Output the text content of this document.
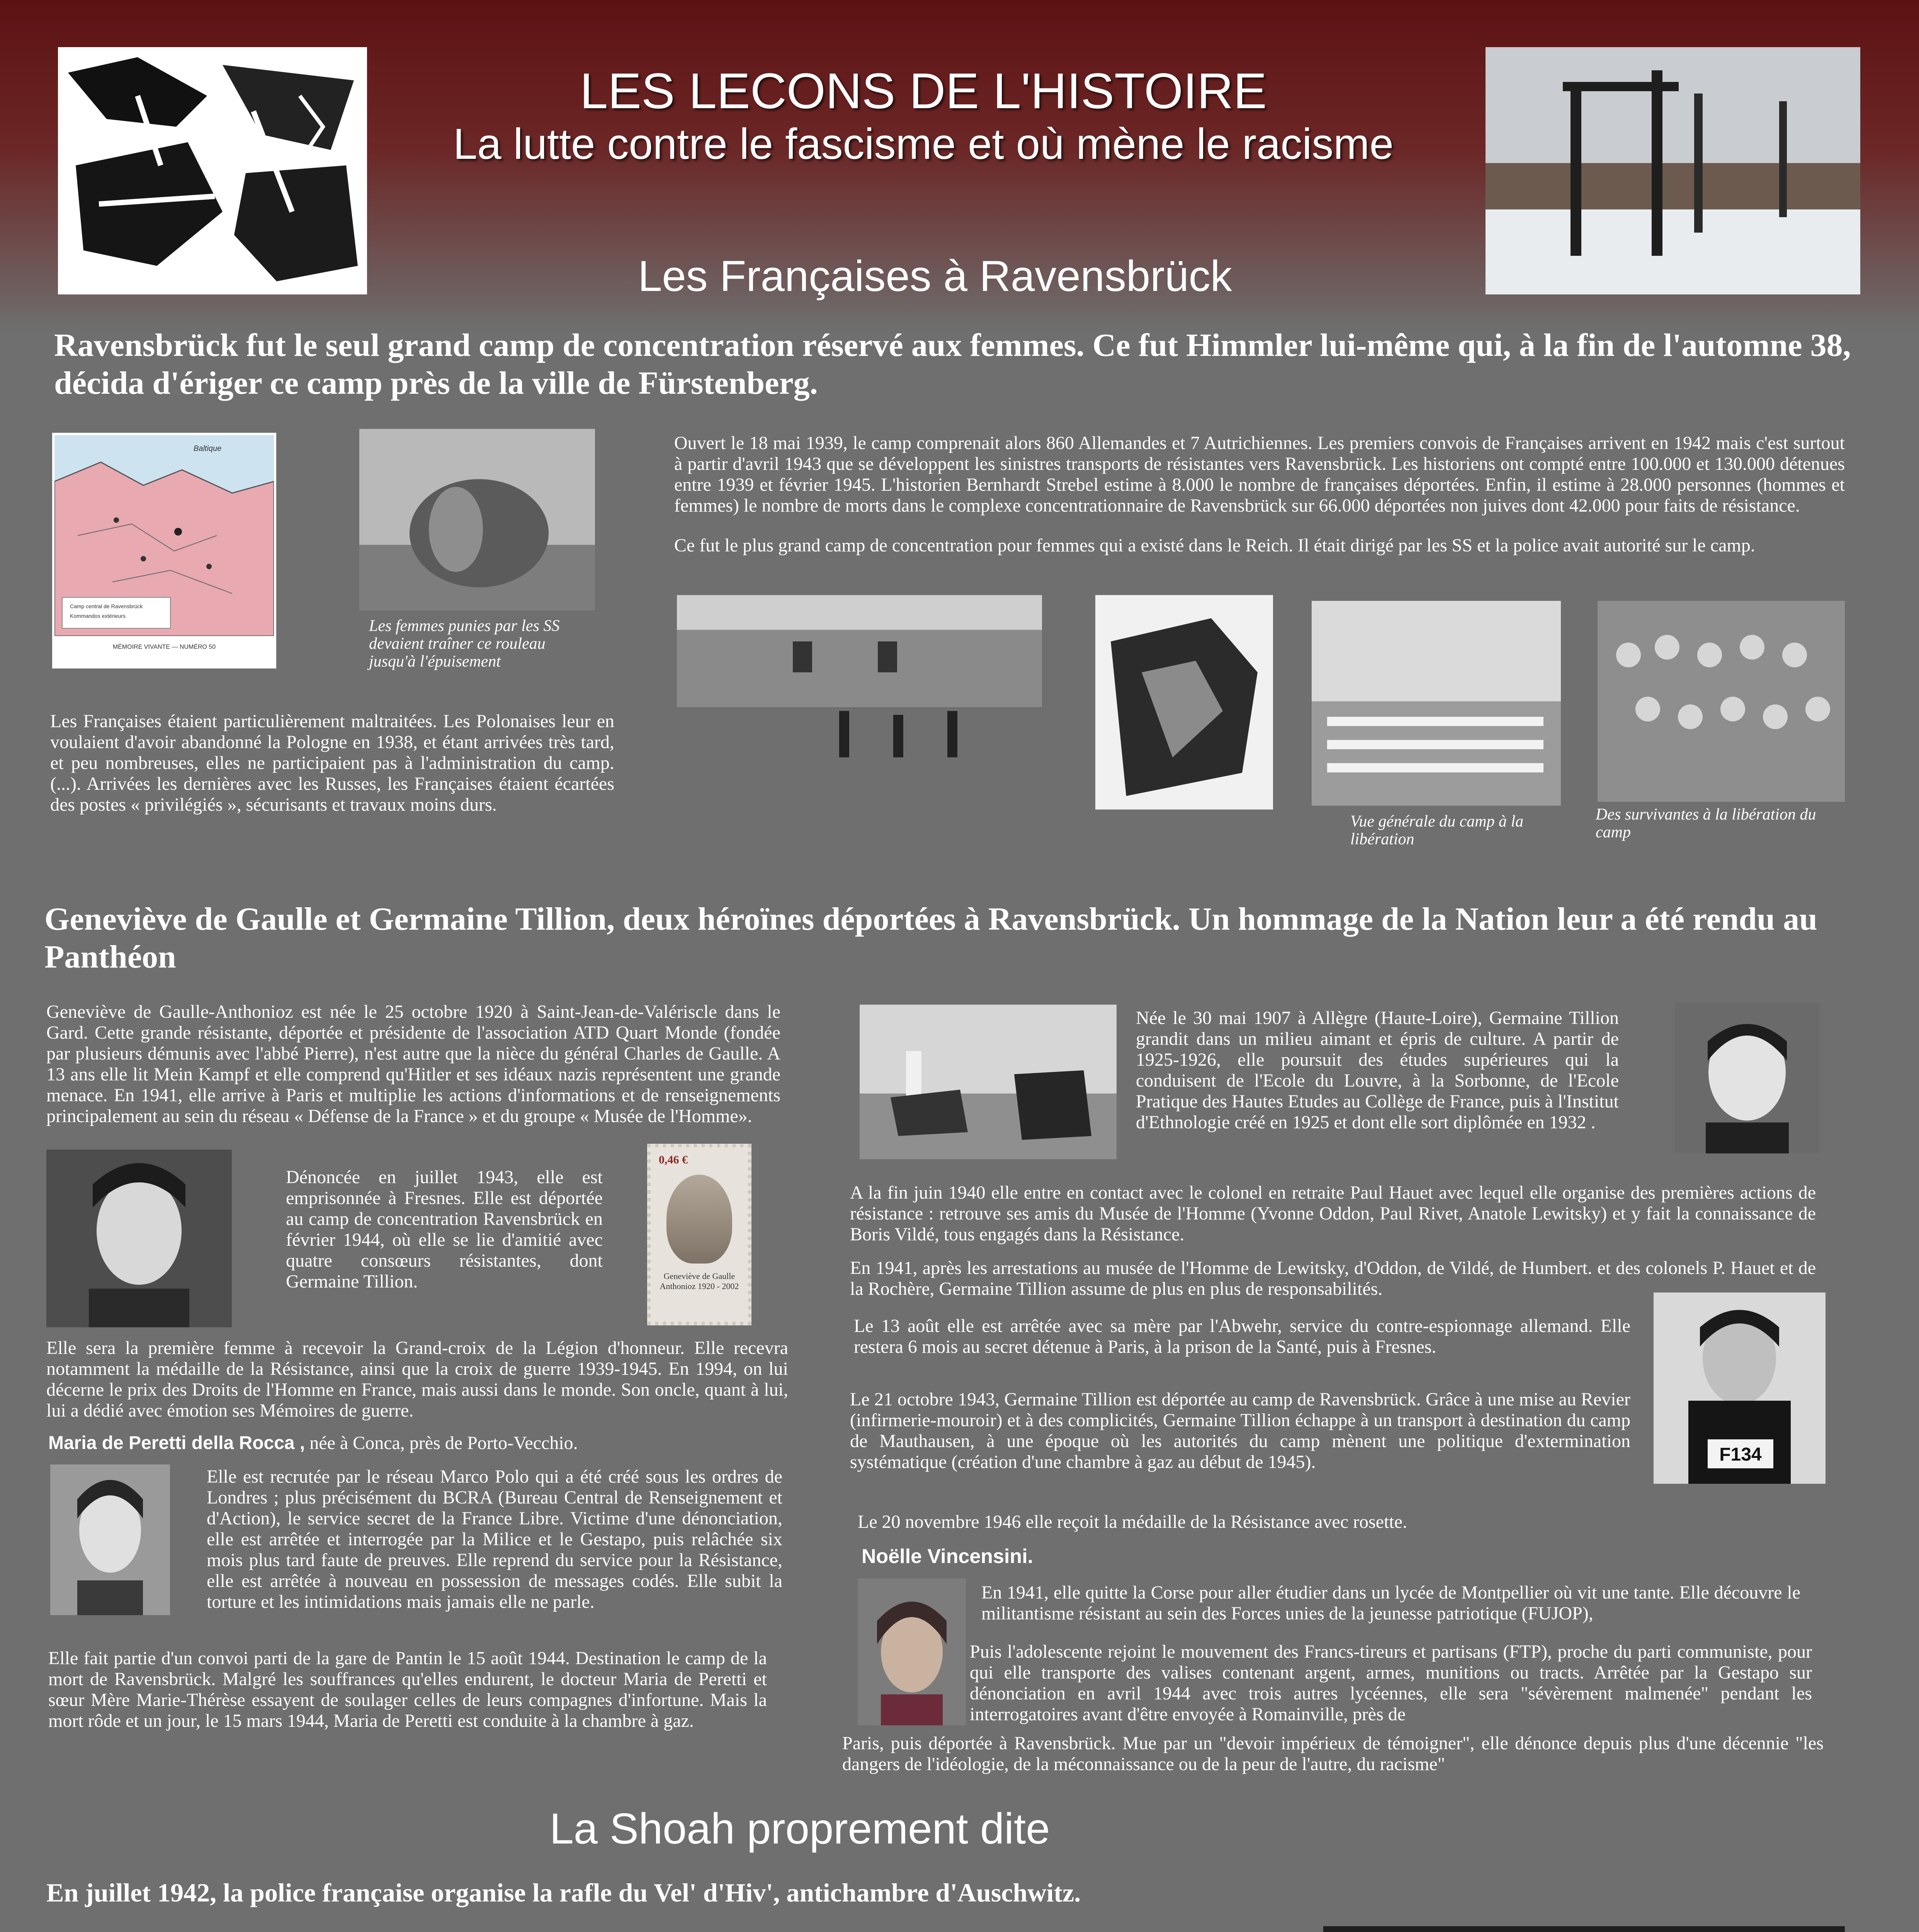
LES LECONS DE L'HISTOIRE
La lutte contre le fascisme et où mène le racisme
Les Françaises à Ravensbrück
Ravensbrück fut le seul grand camp de concentration réservé aux femmes. Ce fut Himmler lui-même qui, à la fin de l'automne 38, décida d'ériger ce camp près de la ville de Fürstenberg.
Baltique
Camp central de Ravensbrück
Kommandos extérieurs
MÉMOIRE VIVANTE — NUMÉRO 50
Les femmes punies par les SS devaient traîner ce rouleau jusqu'à l'épuisement
Ouvert le 18 mai 1939, le camp comprenait alors 860 Allemandes et 7 Autrichiennes. Les premiers convois de Françaises arrivent en 1942 mais c'est surtout à partir d'avril 1943 que se développent les sinistres transports de résistantes vers Ravensbrück. Les historiens ont compté entre 100.000 et 130.000 détenues entre 1939 et février 1945. L'historien Bernhardt Strebel estime à 8.000 le nombre de françaises déportées. Enfin, il estime à 28.000 personnes (hommes et femmes) le nombre de morts dans le complexe concentrationnaire de Ravensbrück sur 66.000 déportées non juives dont 42.000 pour faits de résistance.
Ce fut le plus grand camp de concentration pour femmes qui a existé dans le Reich. Il était dirigé par les SS et la police avait autorité sur le camp.
Vue générale du camp à la libération
Des survivantes à la libération du camp
Les Françaises étaient particulièrement maltraitées. Les Polonaises leur en voulaient d'avoir abandonné la Pologne en 1938, et étant arrivées très tard, et peu nombreuses, elles ne participaient pas à l'administration du camp. (...). Arrivées les dernières avec les Russes, les Françaises étaient écartées des postes « privilégiés », sécurisants et travaux moins durs.
Geneviève de Gaulle et Germaine Tillion, deux héroïnes déportées à Ravensbrück. Un hommage de la Nation leur a été rendu au Panthéon
Geneviève de Gaulle-Anthonioz est née le 25 octobre 1920 à Saint-Jean-de-Valériscle dans le Gard. Cette grande résistante, déportée et présidente de l'association ATD Quart Monde (fondée par plusieurs démunis avec l'abbé Pierre), n'est autre que la nièce du général Charles de Gaulle. A 13 ans elle lit Mein Kampf et elle comprend qu'Hitler et ses idéaux nazis représentent une grande menace. En 1941, elle arrive à Paris et multiplie les actions d'informations et de renseignements principalement au sein du réseau « Défense de la France » et du groupe « Musée de l'Homme».
Dénoncée en juillet 1943, elle est emprisonnée à Fresnes. Elle est déportée au camp de concentration Ravensbrück en février 1944, où elle se lie d'amitié avec quatre consœurs résistantes, dont Germaine Tillion.
0,46 €
Geneviève de Gaulle Anthonioz 1920 - 2002
Elle sera la première femme à recevoir la Grand-croix de la Légion d'honneur. Elle recevra notamment la médaille de la Résistance, ainsi que la croix de guerre 1939-1945. En 1994, on lui décerne le prix des Droits de l'Homme en France, mais aussi dans le monde. Son oncle, quant à lui, lui a dédié avec émotion ses Mémoires de guerre.
Maria de Peretti della Rocca , née à Conca, près de Porto-Vecchio.
Elle est recrutée par le réseau Marco Polo qui a été créé sous les ordres de Londres ; plus précisément du BCRA (Bureau Central de Renseignement et d'Action), le service secret de la France Libre. Victime d'une dénonciation, elle est arrêtée et interrogée par la Milice et le Gestapo, puis relâchée six mois plus tard faute de preuves. Elle reprend du service pour la Résistance, elle est arrêtée à nouveau en possession de messages codés. Elle subit la torture et les intimidations mais jamais elle ne parle.
Elle fait partie d'un convoi parti de la gare de Pantin le 15 août 1944. Destination le camp de la mort de Ravensbrück. Malgré les souffrances qu'elles endurent, le docteur Maria de Peretti et sœur Mère Marie-Thérèse essayent de soulager celles de leurs compagnes d'infortune. Mais la mort rôde et un jour, le 15 mars 1944, Maria de Peretti est conduite à la chambre à gaz.
Née le 30 mai 1907 à Allègre (Haute-Loire), Germaine Tillion grandit dans un milieu aimant et épris de culture. A partir de 1925-1926, elle poursuit des études supérieures qui la conduisent de l'Ecole du Louvre, à la Sorbonne, de l'Ecole Pratique des Hautes Etudes au Collège de France, puis à l'Institut d'Ethnologie créé en 1925 et dont elle sort diplômée en 1932 .
A la fin juin 1940 elle entre en contact avec le colonel en retraite Paul Hauet avec lequel elle organise des premières actions de résistance : retrouve ses amis du Musée de l'Homme (Yvonne Oddon, Paul Rivet, Anatole Lewitsky) et y fait la connaissance de Boris Vildé, tous engagés dans la Résistance.
En 1941, après les arrestations au musée de l'Homme de Lewitsky, d'Oddon, de Vildé, de Humbert. et des colonels P. Hauet et de la Rochère, Germaine Tillion assume de plus en plus de responsabilités.
Le 13 août elle est arrêtée avec sa mère par l'Abwehr, service du contre-espionnage allemand. Elle restera 6 mois au secret détenue à Paris, à la prison de la Santé, puis à Fresnes.
F134
Le 21 octobre 1943, Germaine Tillion est déportée au camp de Ravensbrück. Grâce à une mise au Revier (infirmerie-mouroir) et à des complicités, Germaine Tillion échappe à un transport à destination du camp de Mauthausen, à une époque où les autorités du camp mènent une politique d'extermination systématique (création d'une chambre à gaz au début de 1945).
Le 20 novembre 1946 elle reçoit la médaille de la Résistance avec rosette.
Noëlle Vincensini.
En 1941, elle quitte la Corse pour aller étudier dans un lycée de Montpellier où vit une tante. Elle découvre le militantisme résistant au sein des Forces unies de la jeunesse patriotique (FUJOP),
Puis l'adolescente rejoint le mouvement des Francs-tireurs et partisans (FTP), proche du parti communiste, pour qui elle transporte des valises contenant argent, armes, munitions ou tracts. Arrêtée par la Gestapo sur dénonciation en avril 1944 avec trois autres lycéennes, elle sera "sévèrement malmenée" pendant les interrogatoires avant d'être envoyée à Romainville, près de
Paris, puis déportée à Ravensbrück. Mue par un "devoir impérieux de témoigner", elle dénonce depuis plus d'une décennie "les dangers de l'idéologie, de la méconnaissance ou de la peur de l'autre, du racisme"
La Shoah proprement dite
En juillet 1942, la police française organise la rafle du Vel' d'Hiv', antichambre d'Auschwitz.
